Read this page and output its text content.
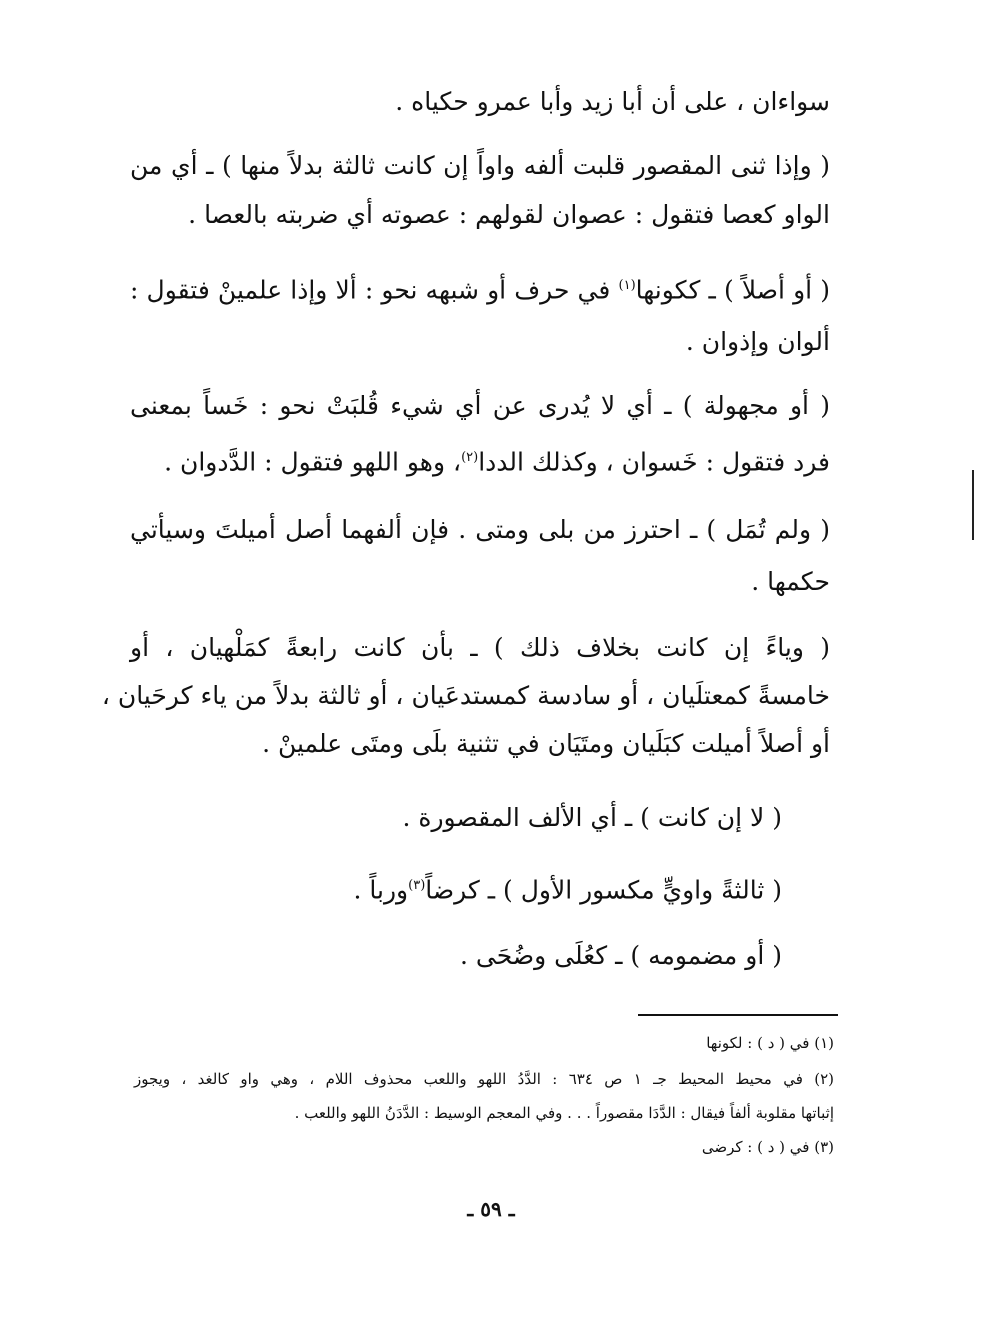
سواءان ، على أن أبا زيد وأبا عمرو حكياه .
( وإذا ثنى المقصور قلبت ألفه واواً إن كانت ثالثة بدلاً منها ) ـ أي من
الواو كعصا فتقول : عصوان لقولهم : عصوته أي ضربته بالعصا .
( أو أصلاً ) ـ ككونها$^{(١)}$ في حرف أو شبهه نحو : ألا وإذا علمينْ فتقول :
ألوان وإذوان .
( أو مجهولة ) ـ أي لا يُدرى عن أي شيء قُلبَتْ نحو : خَساً بمعنى
فرد فتقول : خَسوان ، وكذلك الددا$^{(٢)}$، وهو اللهو فتقول : الدَّدوان .
( ولم تُمَل ) ـ احترز من بلى ومتى . فإن ألفهما أصل أميلتَ وسيأتي
حكمها .
( وياءً إن كانت بخلاف ذلك ) ـ بأن كانت رابعةً كمَلْهيان ، أو
خامسةً كمعتلَيان ، أو سادسة كمستدعَيان ، أو ثالثة بدلاً من ياء كرحَيان ،
أو أصلاً أميلت كبَلَيان ومتَيَان في تثنية بلَى ومتَى علمينْ .
( لا إن كانت ) ـ أي الألف المقصورة .
( ثالثةً واويٍّ مكسور الأول ) ـ كرضاً$^{(٣)}$ورباً .
( أو مضمومه ) ـ كعُلَى وضُحَى .
(١) في ( د ) : لكونها
(٢) في محيط المحيط جـ ١ ص ٦٣٤ : الدَّدُ اللهو واللعب محذوف اللام ، وهي واو كالغد ، ويجوز
إثباتها مقلوبة ألفاً فيقال : الدَّدَا مقصوراً . . . وفي المعجم الوسيط : الدَّدَنُ اللهو واللعب .
(٣) في ( د ) : كرضى
ـ ٥٩ ـ
